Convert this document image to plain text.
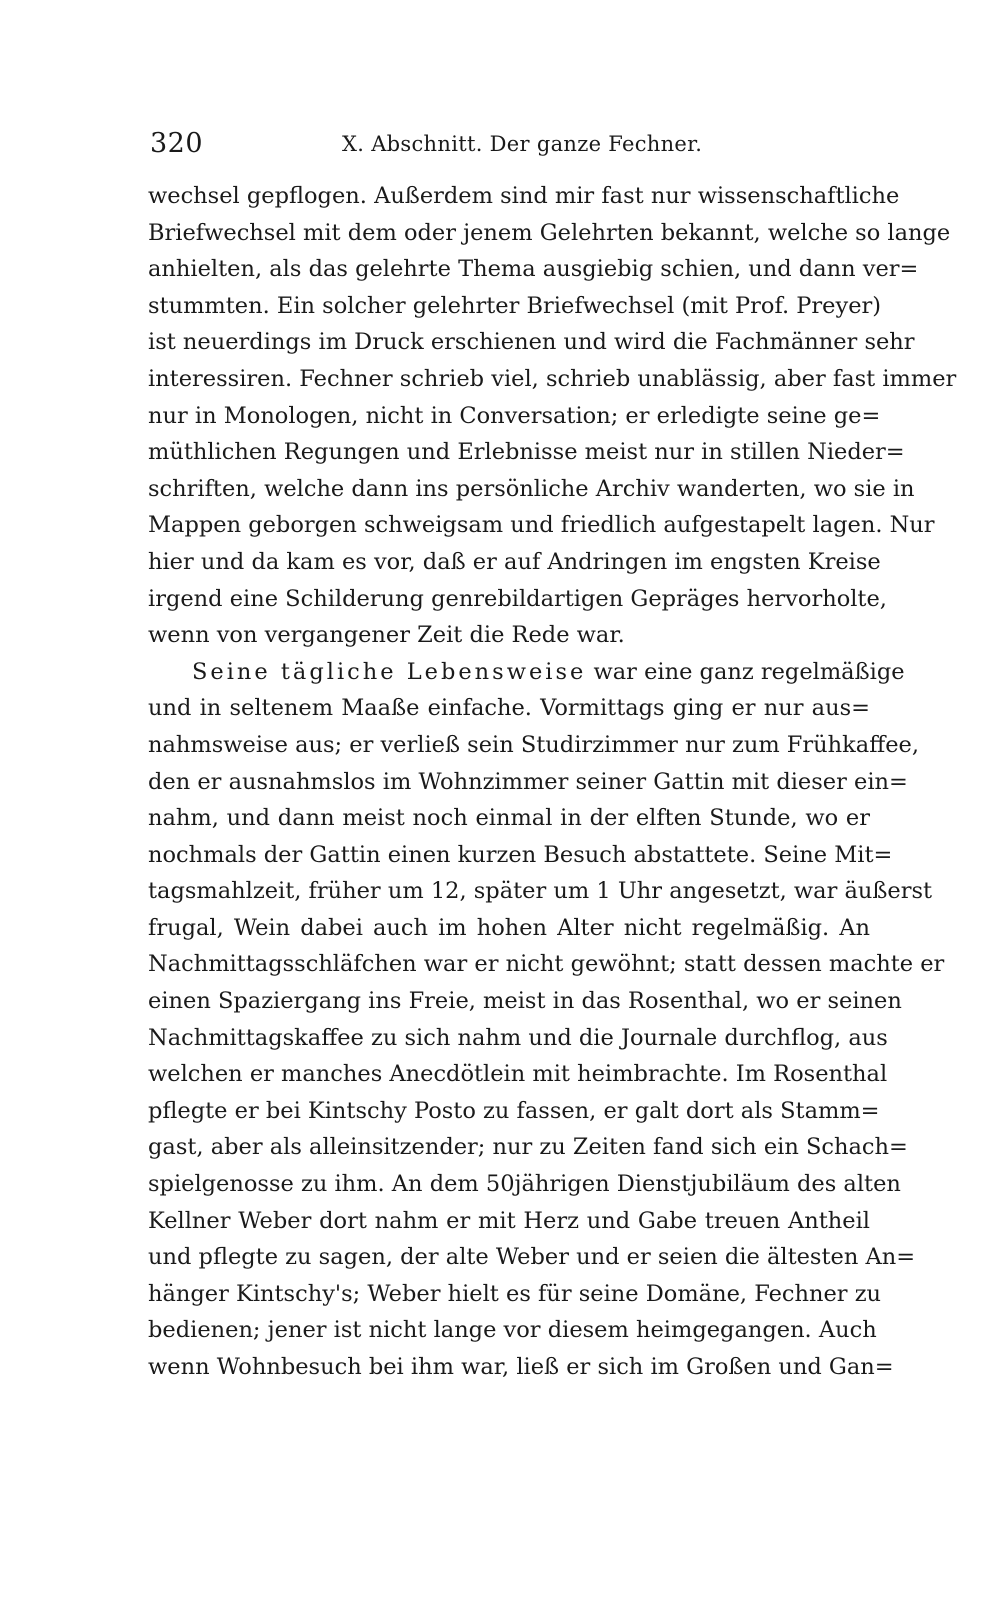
320	X. Abschnitt. Der ganze Fechner.
wechsel gepflogen. Außerdem sind mir fast nur wissenschaftliche
Briefwechsel mit dem oder jenem Gelehrten bekannt, welche so lange
anhielten, als das gelehrte Thema ausgiebig schien, und dann ver=
stummten. Ein solcher gelehrter Briefwechsel (mit Prof. Preyer)
ist neuerdings im Druck erschienen und wird die Fachmänner sehr
interessiren. Fechner schrieb viel, schrieb unablässig, aber fast immer
nur in Monologen, nicht in Conversation; er erledigte seine ge=
müthlichen Regungen und Erlebnisse meist nur in stillen Nieder=
schriften, welche dann ins persönliche Archiv wanderten, wo sie in
Mappen geborgen schweigsam und friedlich aufgestapelt lagen. Nur
hier und da kam es vor, daß er auf Andringen im engsten Kreise
irgend eine Schilderung genrebildartigen Gepräges hervorholte,
wenn von vergangener Zeit die Rede war.
Seine tägliche Lebensweise war eine ganz regelmäßige
und in seltenem Maaße einfache. Vormittags ging er nur aus=
nahmsweise aus; er verließ sein Studirzimmer nur zum Frühkaffee,
den er ausnahmslos im Wohnzimmer seiner Gattin mit dieser ein=
nahm, und dann meist noch einmal in der elften Stunde, wo er
nochmals der Gattin einen kurzen Besuch abstattete. Seine Mit=
tagsmahlzeit, früher um 12, später um 1 Uhr angesetzt, war äußerst
frugal, Wein dabei auch im hohen Alter nicht regelmäßig. An
Nachmittagsschläfchen war er nicht gewöhnt; statt dessen machte er
einen Spaziergang ins Freie, meist in das Rosenthal, wo er seinen
Nachmittagskaffee zu sich nahm und die Journale durchflog, aus
welchen er manches Anecdötlein mit heimbrachte. Im Rosenthal
pflegte er bei Kintschy Posto zu fassen, er galt dort als Stamm=
gast, aber als alleinsitzender; nur zu Zeiten fand sich ein Schach=
spielgenosse zu ihm. An dem 50jährigen Dienstjubiläum des alten
Kellner Weber dort nahm er mit Herz und Gabe treuen Antheil
und pflegte zu sagen, der alte Weber und er seien die ältesten An=
hänger Kintschy's; Weber hielt es für seine Domäne, Fechner zu
bedienen; jener ist nicht lange vor diesem heimgegangen. Auch
wenn Wohnbesuch bei ihm war, ließ er sich im Großen und Gan=
